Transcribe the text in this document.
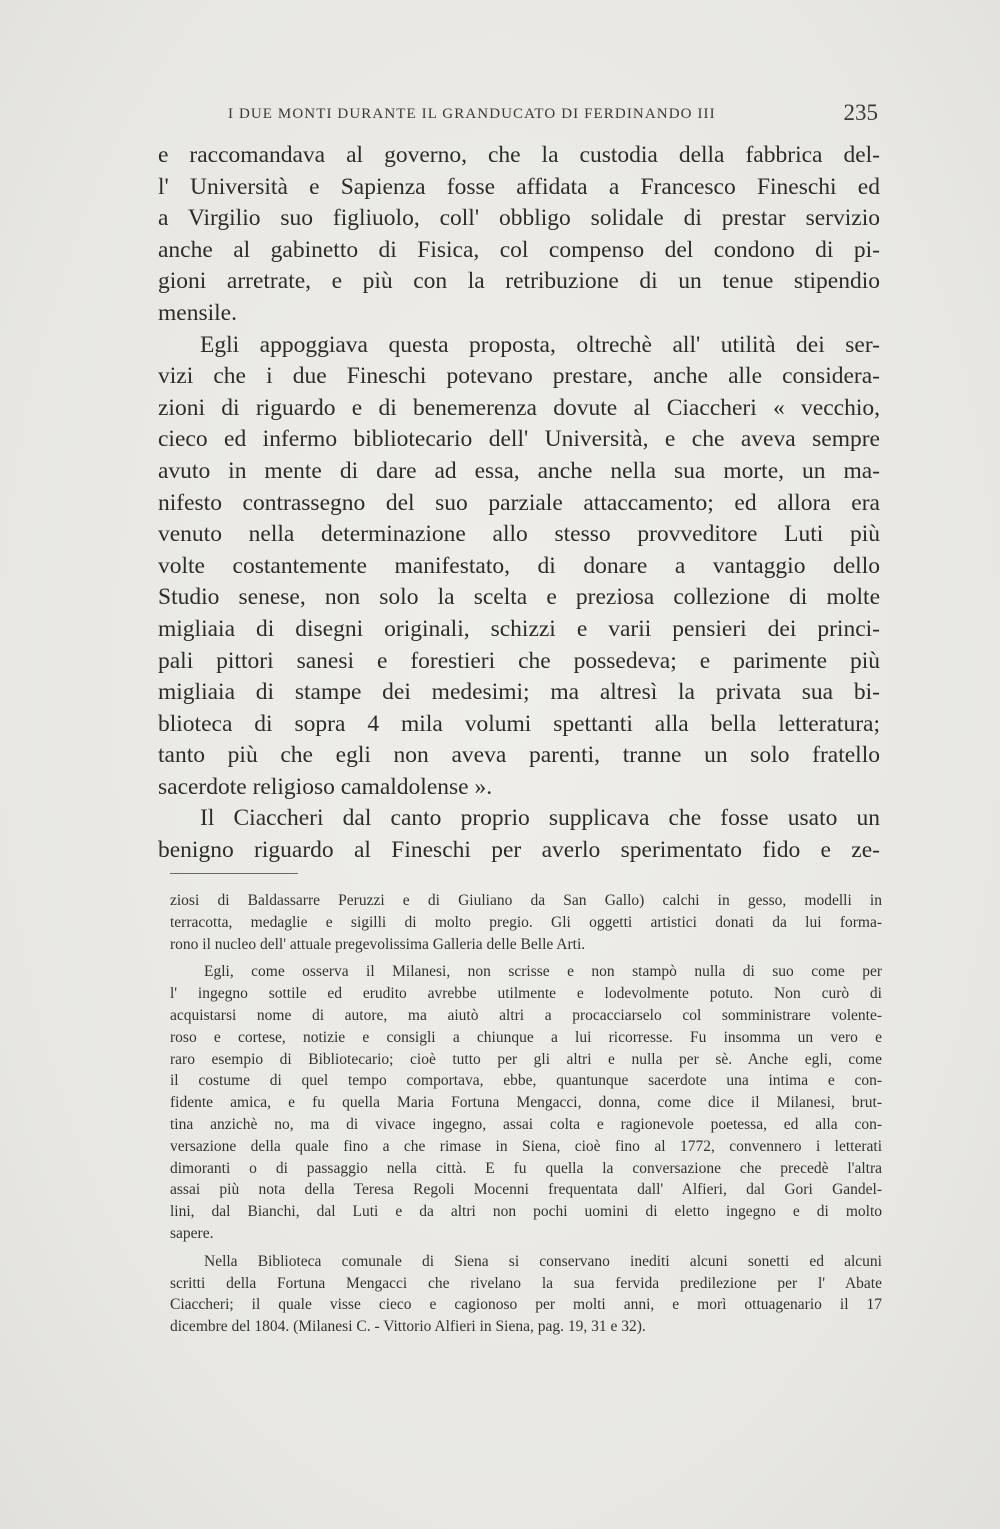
I DUE MONTI DURANTE IL GRANDUCATO DI FERDINANDO III	235
e raccomandava al governo, che la custodia della fabbrica del-
l' Università e Sapienza fosse affidata a Francesco Fineschi ed
a Virgilio suo figliuolo, coll' obbligo solidale di prestar servizio
anche al gabinetto di Fisica, col compenso del condono di pi-
gioni arretrate, e più con la retribuzione di un tenue stipendio
mensile.
Egli appoggiava questa proposta, oltrechè all' utilità dei ser-
vizi che i due Fineschi potevano prestare, anche alle considera-
zioni di riguardo e di benemerenza dovute al Ciaccheri « vecchio,
cieco ed infermo bibliotecario dell' Università, e che aveva sempre
avuto in mente di dare ad essa, anche nella sua morte, un ma-
nifesto contrassegno del suo parziale attaccamento; ed allora era
venuto nella determinazione allo stesso provveditore Luti più
volte costantemente manifestato, di donare a vantaggio dello
Studio senese, non solo la scelta e preziosa collezione di molte
migliaia di disegni originali, schizzi e varii pensieri dei princi-
pali pittori sanesi e forestieri che possedeva; e parimente più
migliaia di stampe dei medesimi; ma altresì la privata sua bi-
blioteca di sopra 4 mila volumi spettanti alla bella letteratura;
tanto più che egli non aveva parenti, tranne un solo fratello
sacerdote religioso camaldolense ».
Il Ciaccheri dal canto proprio supplicava che fosse usato un
benigno riguardo al Fineschi per averlo sperimentato fido e ze-
ziosi di Baldassarre Peruzzi e di Giuliano da San Gallo) calchi in gesso, modelli in
terracotta, medaglie e sigilli di molto pregio. Gli oggetti artistici donati da lui forma-
rono il nucleo dell' attuale pregevolissima Galleria delle Belle Arti.
Egli, come osserva il Milanesi, non scrisse e non stampò nulla di suo come per
l' ingegno sottile ed erudito avrebbe utilmente e lodevolmente potuto. Non curò di
acquistarsi nome di autore, ma aiutò altri a procacciarselo col somministrare volente-
roso e cortese, notizie e consigli a chiunque a lui ricorresse. Fu insomma un vero e
raro esempio di Bibliotecario; cioè tutto per gli altri e nulla per sè. Anche egli, come
il costume di quel tempo comportava, ebbe, quantunque sacerdote una intima e con-
fidente amica, e fu quella Maria Fortuna Mengacci, donna, come dice il Milanesi, brut-
tina anzichè no, ma di vivace ingegno, assai colta e ragionevole poetessa, ed alla con-
versazione della quale fino a che rimase in Siena, cioè fino al 1772, convennero i letterati
dimoranti o di passaggio nella città. E fu quella la conversazione che precedè l'altra
assai più nota della Teresa Regoli Mocenni frequentata dall' Alfieri, dal Gori Gandel-
lini, dal Bianchi, dal Luti e da altri non pochi uomini di eletto ingegno e di molto
sapere.
Nella Biblioteca comunale di Siena si conservano inediti alcuni sonetti ed alcuni
scritti della Fortuna Mengacci che rivelano la sua fervida predilezione per l' Abate
Ciaccheri; il quale visse cieco e cagionoso per molti anni, e morì ottuagenario il 17
dicembre del 1804. (Milanesi C. - Vittorio Alfieri in Siena, pag. 19, 31 e 32).
